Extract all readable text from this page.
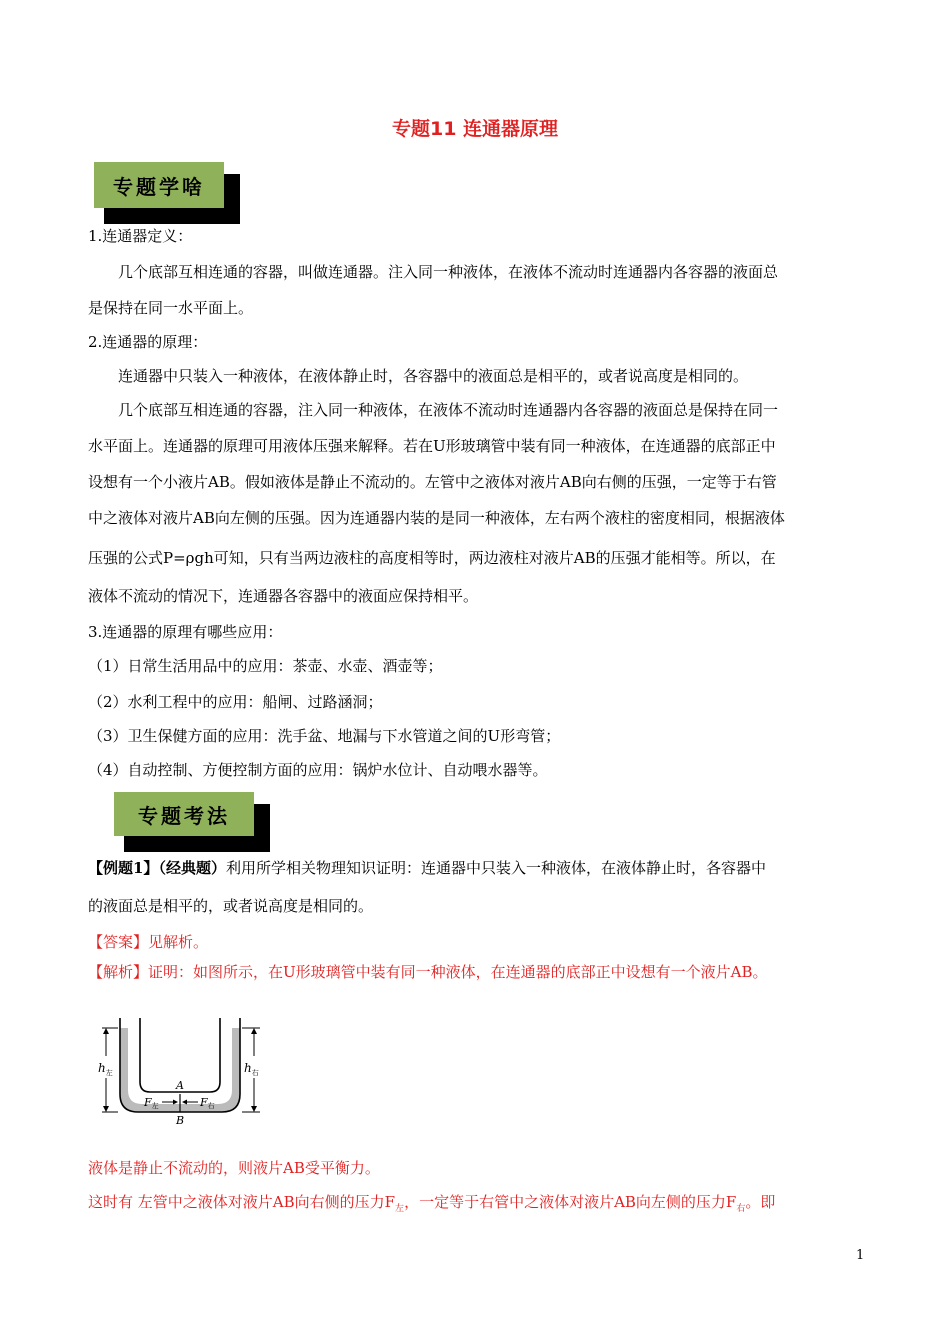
专题11 连通器原理
专题学啥
1.连通器定义：
几个底部互相连通的容器，叫做连通器。注入同一种液体，在液体不流动时连通器内各容器的液面总
是保持在同一水平面上。
2.连通器的原理：
连通器中只装入一种液体，在液体静止时，各容器中的液面总是相平的，或者说高度是相同的。
几个底部互相连通的容器，注入同一种液体，在液体不流动时连通器内各容器的液面总是保持在同一
水平面上。连通器的原理可用液体压强来解释。若在U形玻璃管中装有同一种液体，在连通器的底部正中
设想有一个小液片AB。假如液体是静止不流动的。左管中之液体对液片AB向右侧的压强，一定等于右管
中之液体对液片AB向左侧的压强。因为连通器内装的是同一种液体，左右两个液柱的密度相同，根据液体
压强的公式P=ρgh可知，只有当两边液柱的高度相等时，两边液柱对液片AB的压强才能相等。所以，在
液体不流动的情况下，连通器各容器中的液面应保持相平。
3.连通器的原理有哪些应用：
（1）日常生活用品中的应用：茶壶、水壶、酒壶等；
（2）水利工程中的应用：船闸、过路涵洞；
（3）卫生保健方面的应用：洗手盆、地漏与下水管道之间的U形弯管；
（4）自动控制、方便控制方面的应用：锅炉水位计、自动喂水器等。
专题考法
【例题1】（经典题）利用所学相关物理知识证明：连通器中只装入一种液体，在液体静止时，各容器中
的液面总是相平的，或者说高度是相同的。
【答案】见解析。
【解析】证明：如图所示，在U形玻璃管中装有同一种液体，在连通器的底部正中设想有一个液片AB。
$h_左$	$h_右$
A
B
F左	F右
液体是静止不流动的，则液片AB受平衡力。
这时有 左管中之液体对液片AB向右侧的压力$F_左$，一定等于右管中之液体对液片AB向左侧的压力$F_右$。即
1
